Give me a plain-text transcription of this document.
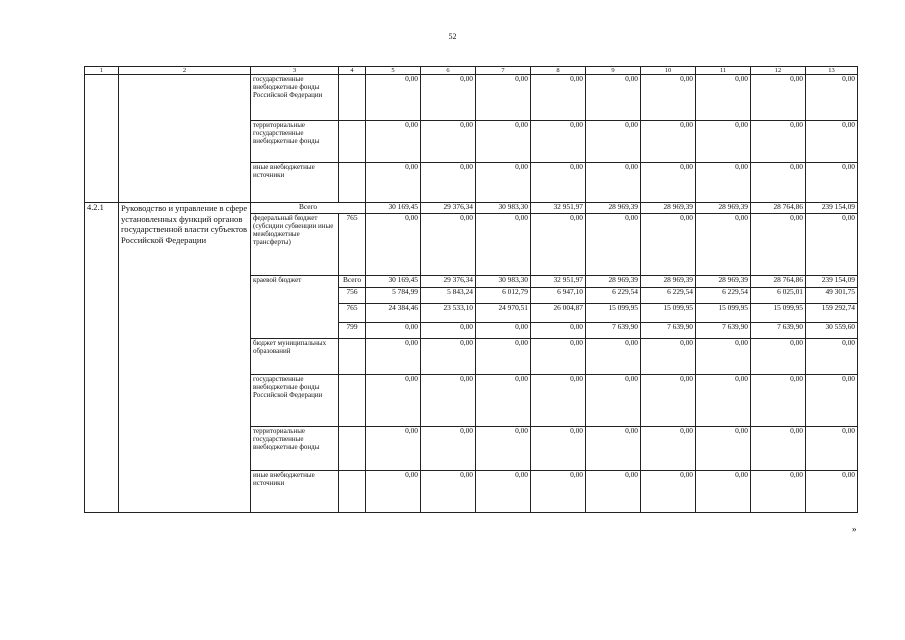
52
1	2	3	4	5	6	7	8	9	10	11	12	13
		государственные внебюджетные фонды Российской Федерации		0,00	0,00	0,00	0,00	0,00	0,00	0,00	0,00	0,00
		территориальные государственные внебюджетные фонды		0,00	0,00	0,00	0,00	0,00	0,00	0,00	0,00	0,00
		иные внебюджетные источники		0,00	0,00	0,00	0,00	0,00	0,00	0,00	0,00	0,00
4.2.1	Руководство и управление в сфере установленных функций органов государственной власти субъектов Российской Федерации	Всего		30 169,45	29 376,34	30 983,30	32 951,97	28 969,39	28 969,39	28 969,39	28 764,86	239 154,09
		федеральный бюджет (субсидии субвенции иные межбюджетные трансферты)	765	0,00	0,00	0,00	0,00	0,00	0,00	0,00	0,00	0,00
		краевой бюджет	Всего	30 169,45	29 376,34	30 983,30	32 951,97	28 969,39	28 969,39	28 969,39	28 764,86	239 154,09
			756	5 784,99	5 843,24	6 012,79	6 947,10	6 229,54	6 229,54	6 229,54	6 025,01	49 301,75
			765	24 384,46	23 533,10	24 970,51	26 004,87	15 099,95	15 099,95	15 099,95	15 099,95	159 292,74
			799	0,00	0,00	0,00	0,00	7 639,90	7 639,90	7 639,90	7 639,90	30 559,60
		бюджет муниципальных образований		0,00	0,00	0,00	0,00	0,00	0,00	0,00	0,00	0,00
		государственные внебюджетные фонды Российской Федерации		0,00	0,00	0,00	0,00	0,00	0,00	0,00	0,00	0,00
		территориальные государственные внебюджетные фонды		0,00	0,00	0,00	0,00	0,00	0,00	0,00	0,00	0,00
		иные внебюджетные источники		0,00	0,00	0,00	0,00	0,00	0,00	0,00	0,00	0,00
»
